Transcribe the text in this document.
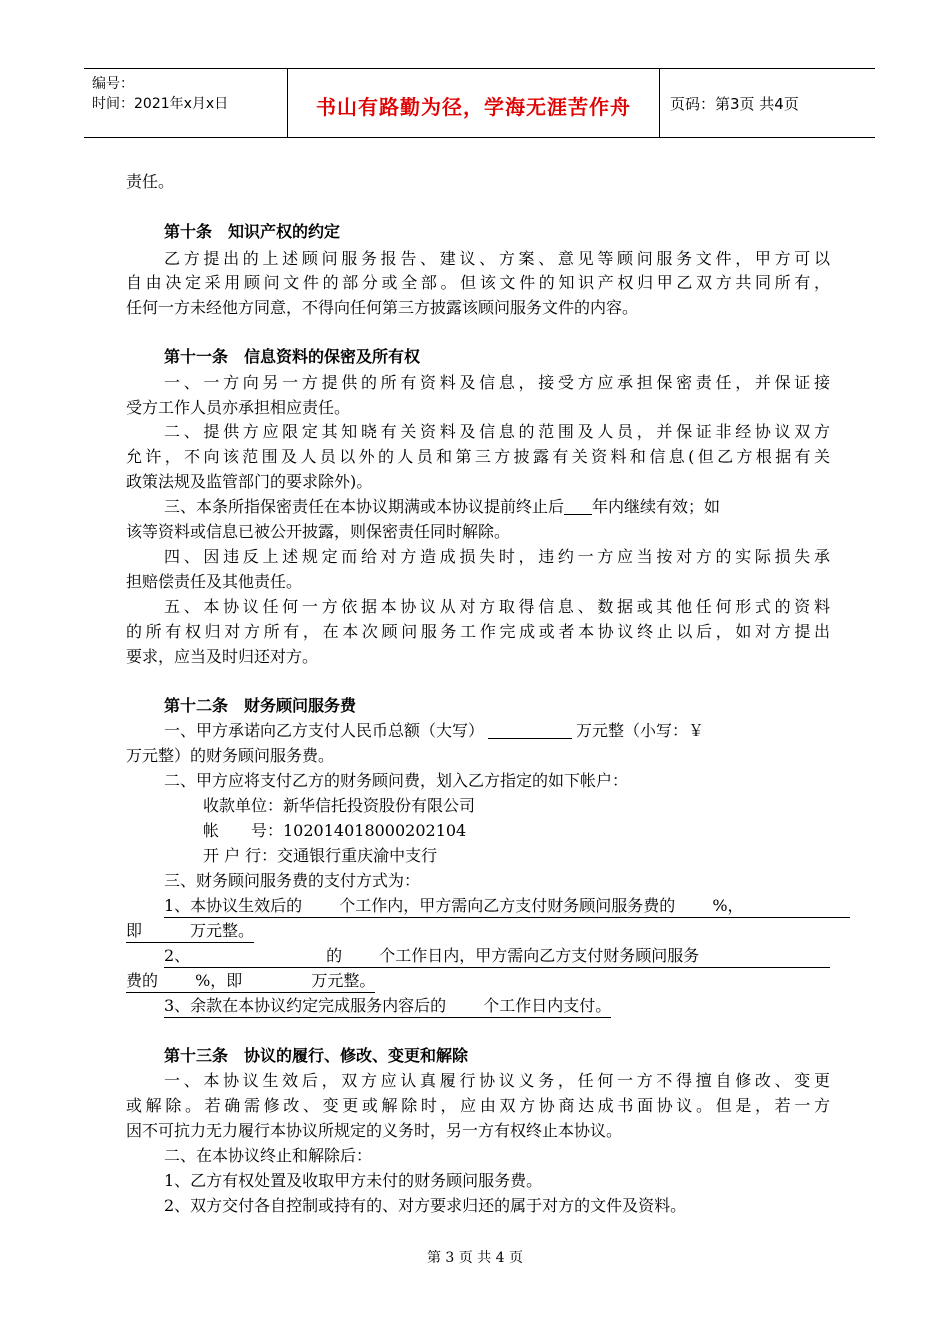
编号：
时间：2021年x月x日	书山有路勤为径，学海无涯苦作舟	页码：第3页 共4页
责任。
第十条　知识产权的约定
乙方提出的上述顾问服务报告、建议、方案、意见等顾问服务文件，甲方可以
自由决定采用顾问文件的部分或全部。但该文件的知识产权归甲乙双方共同所有，
任何一方未经他方同意，不得向任何第三方披露该顾问服务文件的内容。
第十一条　信息资料的保密及所有权
一、一方向另一方提供的所有资料及信息，接受方应承担保密责任，并保证接
受方工作人员亦承担相应责任。
二、提供方应限定其知晓有关资料及信息的范围及人员，并保证非经协议双方
允许，不向该范围及人员以外的人员和第三方披露有关资料和信息(但乙方根据有关
政策法规及监管部门的要求除外)。
三、本条所指保密责任在本协议期满或本协议提前终止后 年内继续有效；如
该等资料或信息已被公开披露，则保密责任同时解除。
四、因违反上述规定而给对方造成损失时，违约一方应当按对方的实际损失承
担赔偿责任及其他责任。
五、本协议任何一方依据本协议从对方取得信息、数据或其他任何形式的资料
的所有权归对方所有，在本次顾问服务工作完成或者本协议终止以后，如对方提出
要求，应当及时归还对方。
第十二条　财务顾问服务费
一、甲方承诺向乙方支付人民币总额（大写）	万元整（小写：￥
万元整）的财务顾问服务费。
二、甲方应将支付乙方的财务顾问费，划入乙方指定的如下帐户：
收款单位：新华信托投资股份有限公司
帐　　号：102014018000202104
开 户 行：交通银行重庆渝中支行
三、财务顾问服务费的支付方式为：
1、本协议生效后的　　 个工作内，甲方需向乙方支付财务顾问服务费的　　 %，
即　　　万元整。
2、　　　　　　　　　的　　 个工作日内，甲方需向乙方支付财务顾问服务
费的　　 %，即　　　　 万元整。
3、余款在本协议约定完成服务内容后的　　 个工作日内支付。
第十三条　协议的履行、修改、变更和解除
一、本协议生效后，双方应认真履行协议义务，任何一方不得擅自修改、变更
或解除。若确需修改、变更或解除时，应由双方协商达成书面协议。但是，若一方
因不可抗力无力履行本协议所规定的义务时，另一方有权终止本协议。
二、在本协议终止和解除后：
1、乙方有权处置及收取甲方未付的财务顾问服务费。
2、双方交付各自控制或持有的、对方要求归还的属于对方的文件及资料。
第 3 页 共 4 页
